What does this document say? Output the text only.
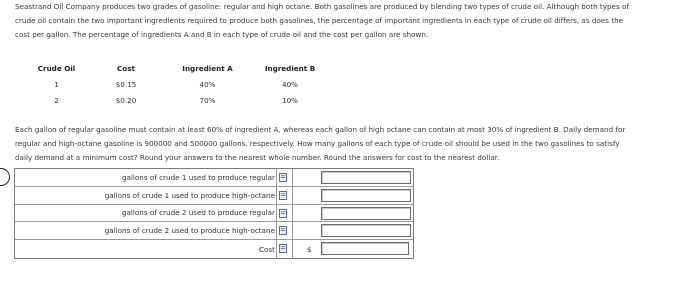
Seastrand Oil Company produces two grades of gasoline: regular and high octane. Both gasolines are produced by blending two types of crude oil. Although both types of
crude oil contain the two important ingredients required to produce both gasolines, the percentage of important ingredients in each type of crude oil differs, as does the
cost per gallon. The percentage of ingredients A and B in each type of crude oil and the cost per gallon are shown.
Crude Oil	Cost	Ingredient A	Ingredient B
1	$0.15	40%	40%
2	$0.20	70%	10%
Each gallon of regular gasoline must contain at least 60% of ingredient A, whereas each gallon of high octane can contain at most 30% of ingredient B. Daily demand for
regular and high-octane gasoline is 900000 and 500000 gallons, respectively. How many gallons of each type of crude oil should be used in the two gasolines to satisfy
daily demand at a minimum cost? Round your answers to the nearest whole number. Round the answers for cost to the nearest dollar.
gallons of crude 1 used to produce regular =
gallons of crude 1 used to produce high-octane =
gallons of crude 2 used to produce regular =
gallons of crude 2 used to produce high-octane =
Cost =	$
